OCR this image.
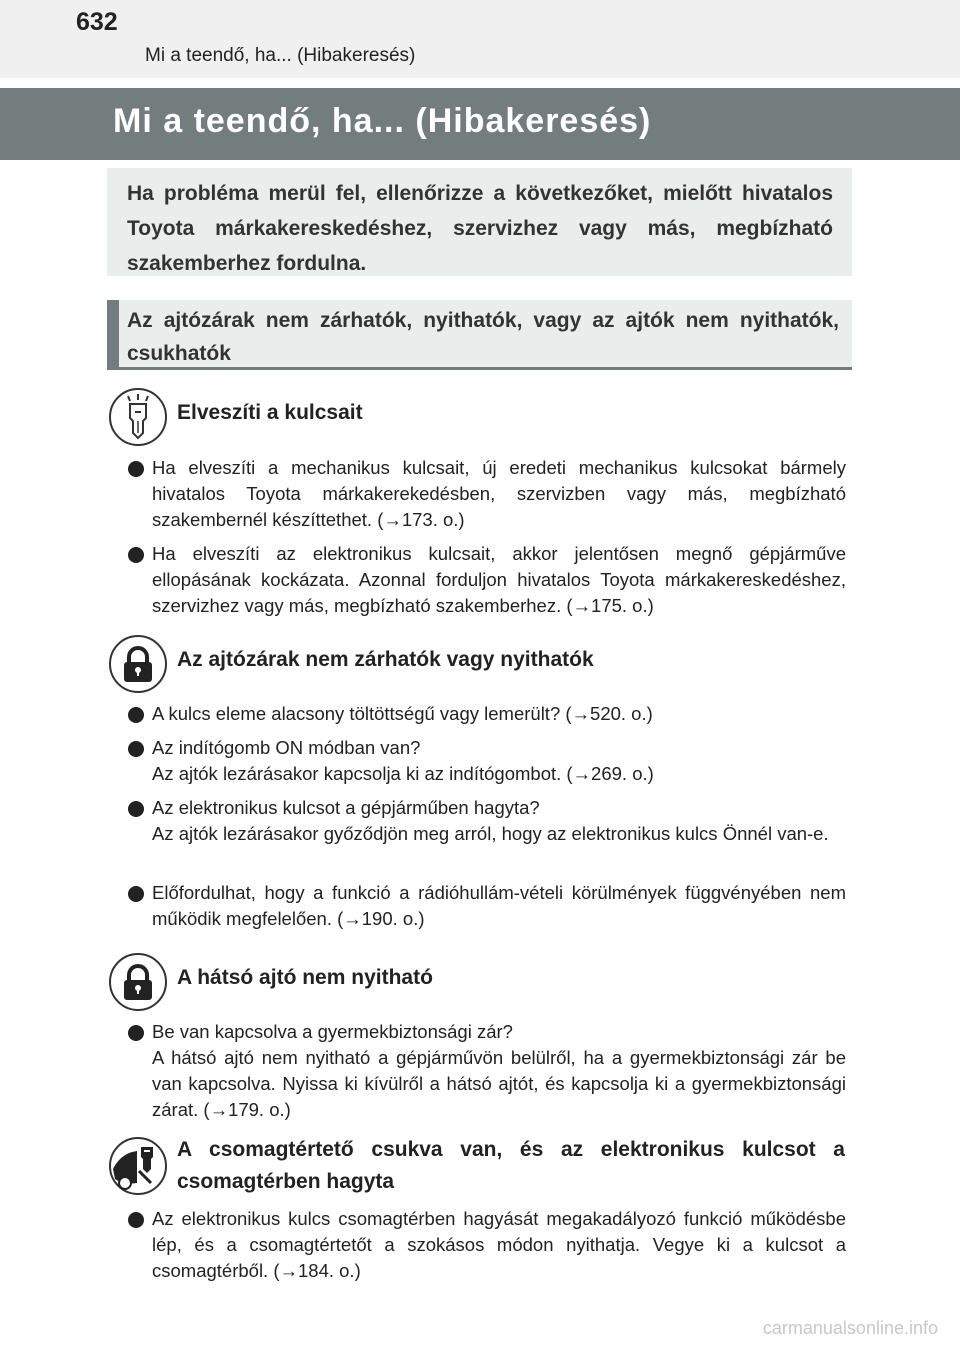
632
Mi a teendő, ha... (Hibakeresés)
Mi a teendő, ha... (Hibakeresés)
Ha probléma merül fel, ellenőrizze a következőket, mielőtt hivatalos Toyota márkakereskedéshez, szervizhez vagy más, megbízható szakemberhez fordulna.
Az ajtózárak nem zárhatók, nyithatók, vagy az ajtók nem nyithatók, csukhatók
Elveszíti a kulcsait

Ha elveszíti a mechanikus kulcsait, új eredeti mechanikus kulcsokat bármely hivatalos Toyota márkakerekedésben, szervizben vagy más, megbízható szakembernél készíttethet. (→173. o.)

Ha elveszíti az elektronikus kulcsait, akkor jelentősen megnő gépjárműve ellopásának kockázata. Azonnal forduljon hivatalos Toyota márkakereskedéshez, szervizhez vagy más, megbízható szakemberhez. (→175. o.)

Az ajtózárak nem zárhatók vagy nyithatók

A kulcs eleme alacsony töltöttségű vagy lemerült? (→520. o.)

Az indítógomb ON módban van?

Az ajtók lezárásakor kapcsolja ki az indítógombot. (→269. o.)

Az elektronikus kulcsot a gépjárműben hagyta?

Az ajtók lezárásakor győződjön meg arról, hogy az elektronikus kulcs Önnél van-e.

Előfordulhat, hogy a funkció a rádióhullám-vételi körülmények függvényében nem működik megfelelően. (→190. o.)

A hátsó ajtó nem nyitható

Be van kapcsolva a gyermekbiztonsági zár?

A hátsó ajtó nem nyitható a gépjárművön belülről, ha a gyermekbiztonsági zár be van kapcsolva. Nyissa ki kívülről a hátsó ajtót, és kapcsolja ki a gyermekbiztonsági zárat. (→179. o.)

A csomagtértető csukva van, és az elektronikus kulcsot a csomagtérben hagyta

Az elektronikus kulcs csomagtérben hagyását megakadályozó funkció működésbe lép, és a csomagtértetőt a szokásos módon nyithatja. Vegye ki a kulcsot a csomagtérből. (→184. o.)

carmanualsonline.info
